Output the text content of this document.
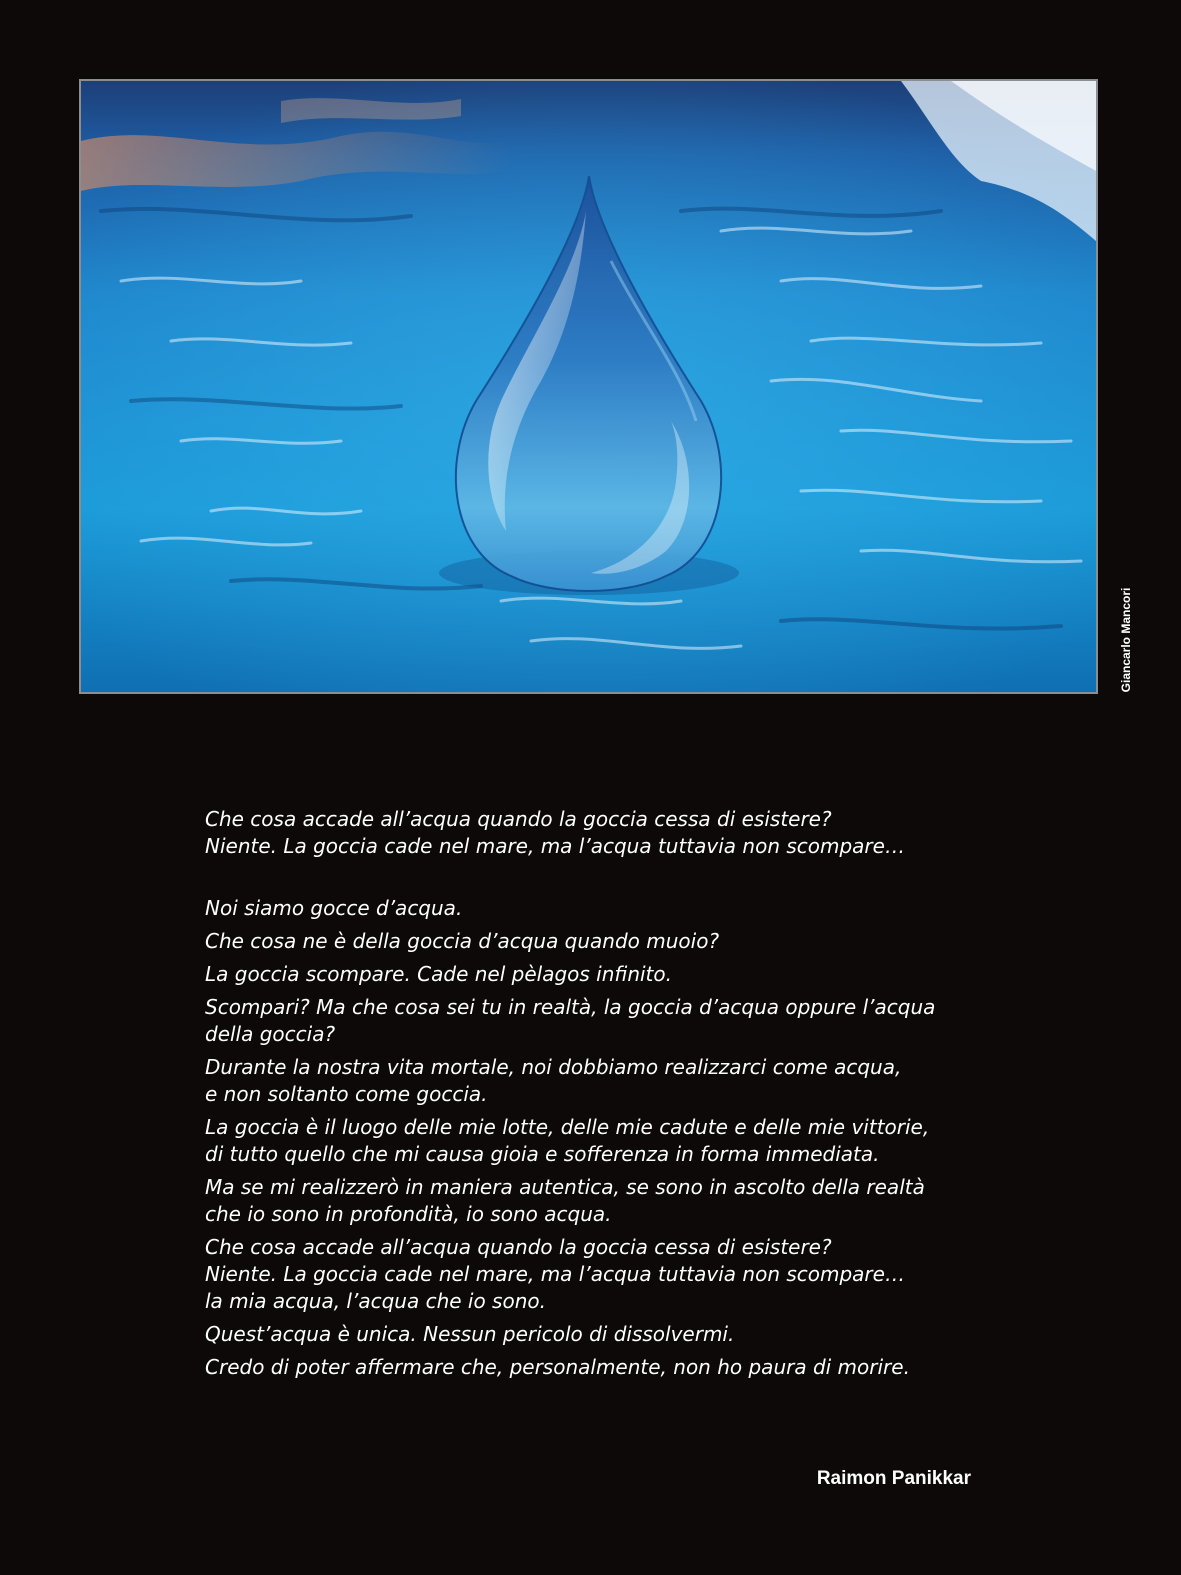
Giancarlo Mancori

Che cosa accade all’acqua quando la goccia cessa di esistere?
Niente. La goccia cade nel mare, ma l’acqua tuttavia non scompare…

Noi siamo gocce d’acqua.

Che cosa ne è della goccia d’acqua quando muoio?

La goccia scompare. Cade nel pèlagos infinito.

Scompari? Ma che cosa sei tu in realtà, la goccia d’acqua oppure l’acqua
della goccia?

Durante la nostra vita mortale, noi dobbiamo realizzarci come acqua,
e non soltanto come goccia.

La goccia è il luogo delle mie lotte, delle mie cadute e delle mie vittorie,
di tutto quello che mi causa gioia e sofferenza in forma immediata.

Ma se mi realizzerò in maniera autentica, se sono in ascolto della realtà
che io sono in profondità, io sono acqua.

Che cosa accade all’acqua quando la goccia cessa di esistere?
Niente. La goccia cade nel mare, ma l’acqua tuttavia non scompare…
la mia acqua, l’acqua che io sono.

Quest’acqua è unica. Nessun pericolo di dissolvermi.

Credo di poter affermare che, personalmente, non ho paura di morire.

Raimon Panikkar
